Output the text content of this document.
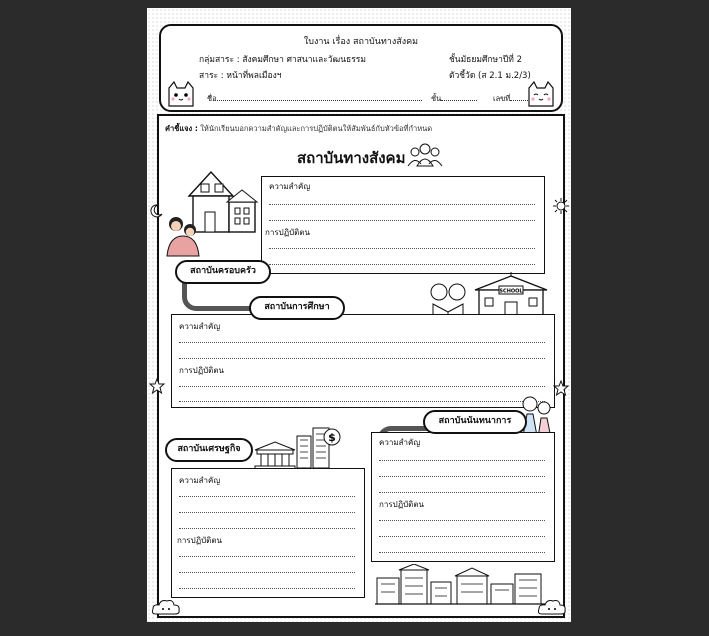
ใบงาน เรื่อง สถาบันทางสังคม
กลุ่มสาระ : สังคมศึกษา ศาสนาและวัฒนธรรม
สาระ : หน้าที่พลเมืองฯ
ชั้นมัธยมศึกษาปีที่ 2
ตัวชี้วัด (ส 2.1 ม.2/3)
ชื่อ	ชั้น	เลขที่
คำชี้แจง : ให้นักเรียนบอกความสำคัญและการปฏิบัติตนให้สัมพันธ์กับหัวข้อที่กำหนด
สถาบันทางสังคม
ความสำคัญ
การปฏิบัติตน
สถาบันครอบครัว
SCHOOL
ความสำคัญ
การปฏิบัติตน
สถาบันการศึกษา
ความสำคัญ
การปฏิบัติตน
สถาบันนันทนาการ
$
ความสำคัญ
การปฏิบัติตน
สถาบันเศรษฐกิจ
